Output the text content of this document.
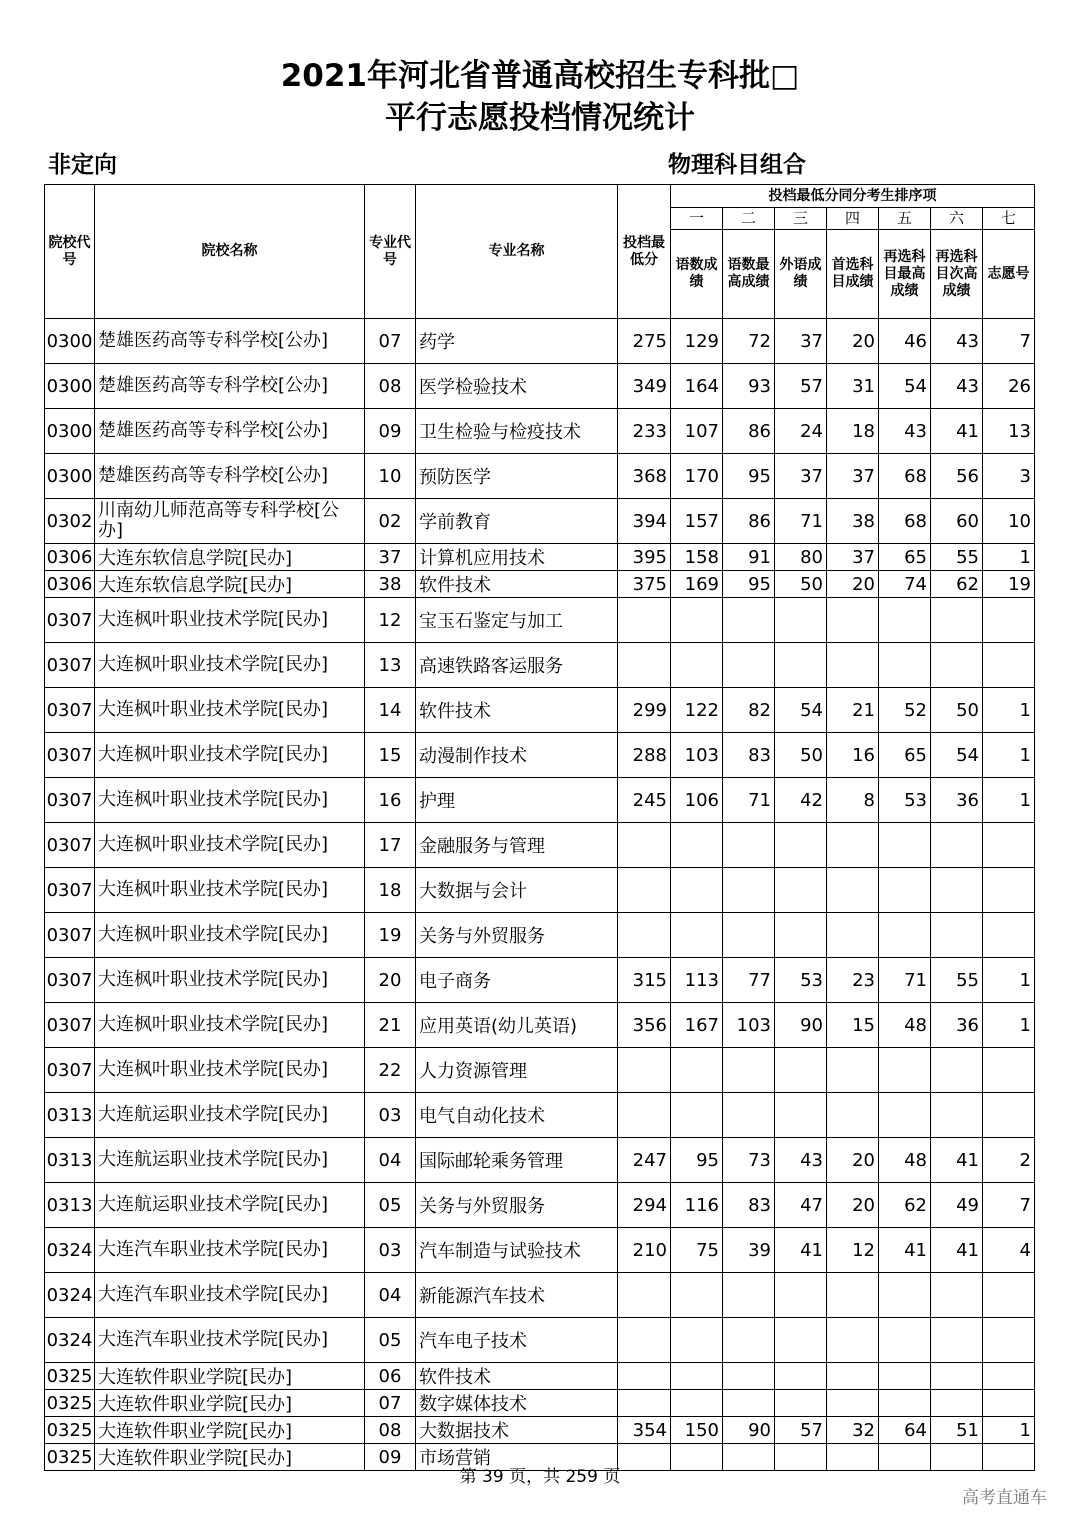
2021年河北省普通高校招生专科批□
平行志愿投档情况统计
非定向	物理科目组合
院校代号	院校名称	专业代号	专业名称	投档最低分	投档最低分同分考生排序项						
					一	二	三	四	五	六	七
					语数成绩	语数最高成绩	外语成绩	首选科目成绩	再选科目最高成绩	再选科目次高成绩	志愿号
0300	楚雄医药高等专科学校[公办]	07	药学	275	129	72	37	20	46	43	7
0300	楚雄医药高等专科学校[公办]	08	医学检验技术	349	164	93	57	31	54	43	26
0300	楚雄医药高等专科学校[公办]	09	卫生检验与检疫技术	233	107	86	24	18	43	41	13
0300	楚雄医药高等专科学校[公办]	10	预防医学	368	170	95	37	37	68	56	3
0302	川南幼儿师范高等专科学校[公办]	02	学前教育	394	157	86	71	38	68	60	10
0306	大连东软信息学院[民办]	37	计算机应用技术	395	158	91	80	37	65	55	1
0306	大连东软信息学院[民办]	38	软件技术	375	169	95	50	20	74	62	19
0307	大连枫叶职业技术学院[民办]	12	宝玉石鉴定与加工								
0307	大连枫叶职业技术学院[民办]	13	高速铁路客运服务								
0307	大连枫叶职业技术学院[民办]	14	软件技术	299	122	82	54	21	52	50	1
0307	大连枫叶职业技术学院[民办]	15	动漫制作技术	288	103	83	50	16	65	54	1
0307	大连枫叶职业技术学院[民办]	16	护理	245	106	71	42	8	53	36	1
0307	大连枫叶职业技术学院[民办]	17	金融服务与管理								
0307	大连枫叶职业技术学院[民办]	18	大数据与会计								
0307	大连枫叶职业技术学院[民办]	19	关务与外贸服务								
0307	大连枫叶职业技术学院[民办]	20	电子商务	315	113	77	53	23	71	55	1
0307	大连枫叶职业技术学院[民办]	21	应用英语(幼儿英语)	356	167	103	90	15	48	36	1
0307	大连枫叶职业技术学院[民办]	22	人力资源管理								
0313	大连航运职业技术学院[民办]	03	电气自动化技术								
0313	大连航运职业技术学院[民办]	04	国际邮轮乘务管理	247	95	73	43	20	48	41	2
0313	大连航运职业技术学院[民办]	05	关务与外贸服务	294	116	83	47	20	62	49	7
0324	大连汽车职业技术学院[民办]	03	汽车制造与试验技术	210	75	39	41	12	41	41	4
0324	大连汽车职业技术学院[民办]	04	新能源汽车技术								
0324	大连汽车职业技术学院[民办]	05	汽车电子技术								
0325	大连软件职业学院[民办]	06	软件技术								
0325	大连软件职业学院[民办]	07	数字媒体技术								
0325	大连软件职业学院[民办]	08	大数据技术	354	150	90	57	32	64	51	1
0325	大连软件职业学院[民办]	09	市场营销								
第 39 页，共 259 页
高考直通车
